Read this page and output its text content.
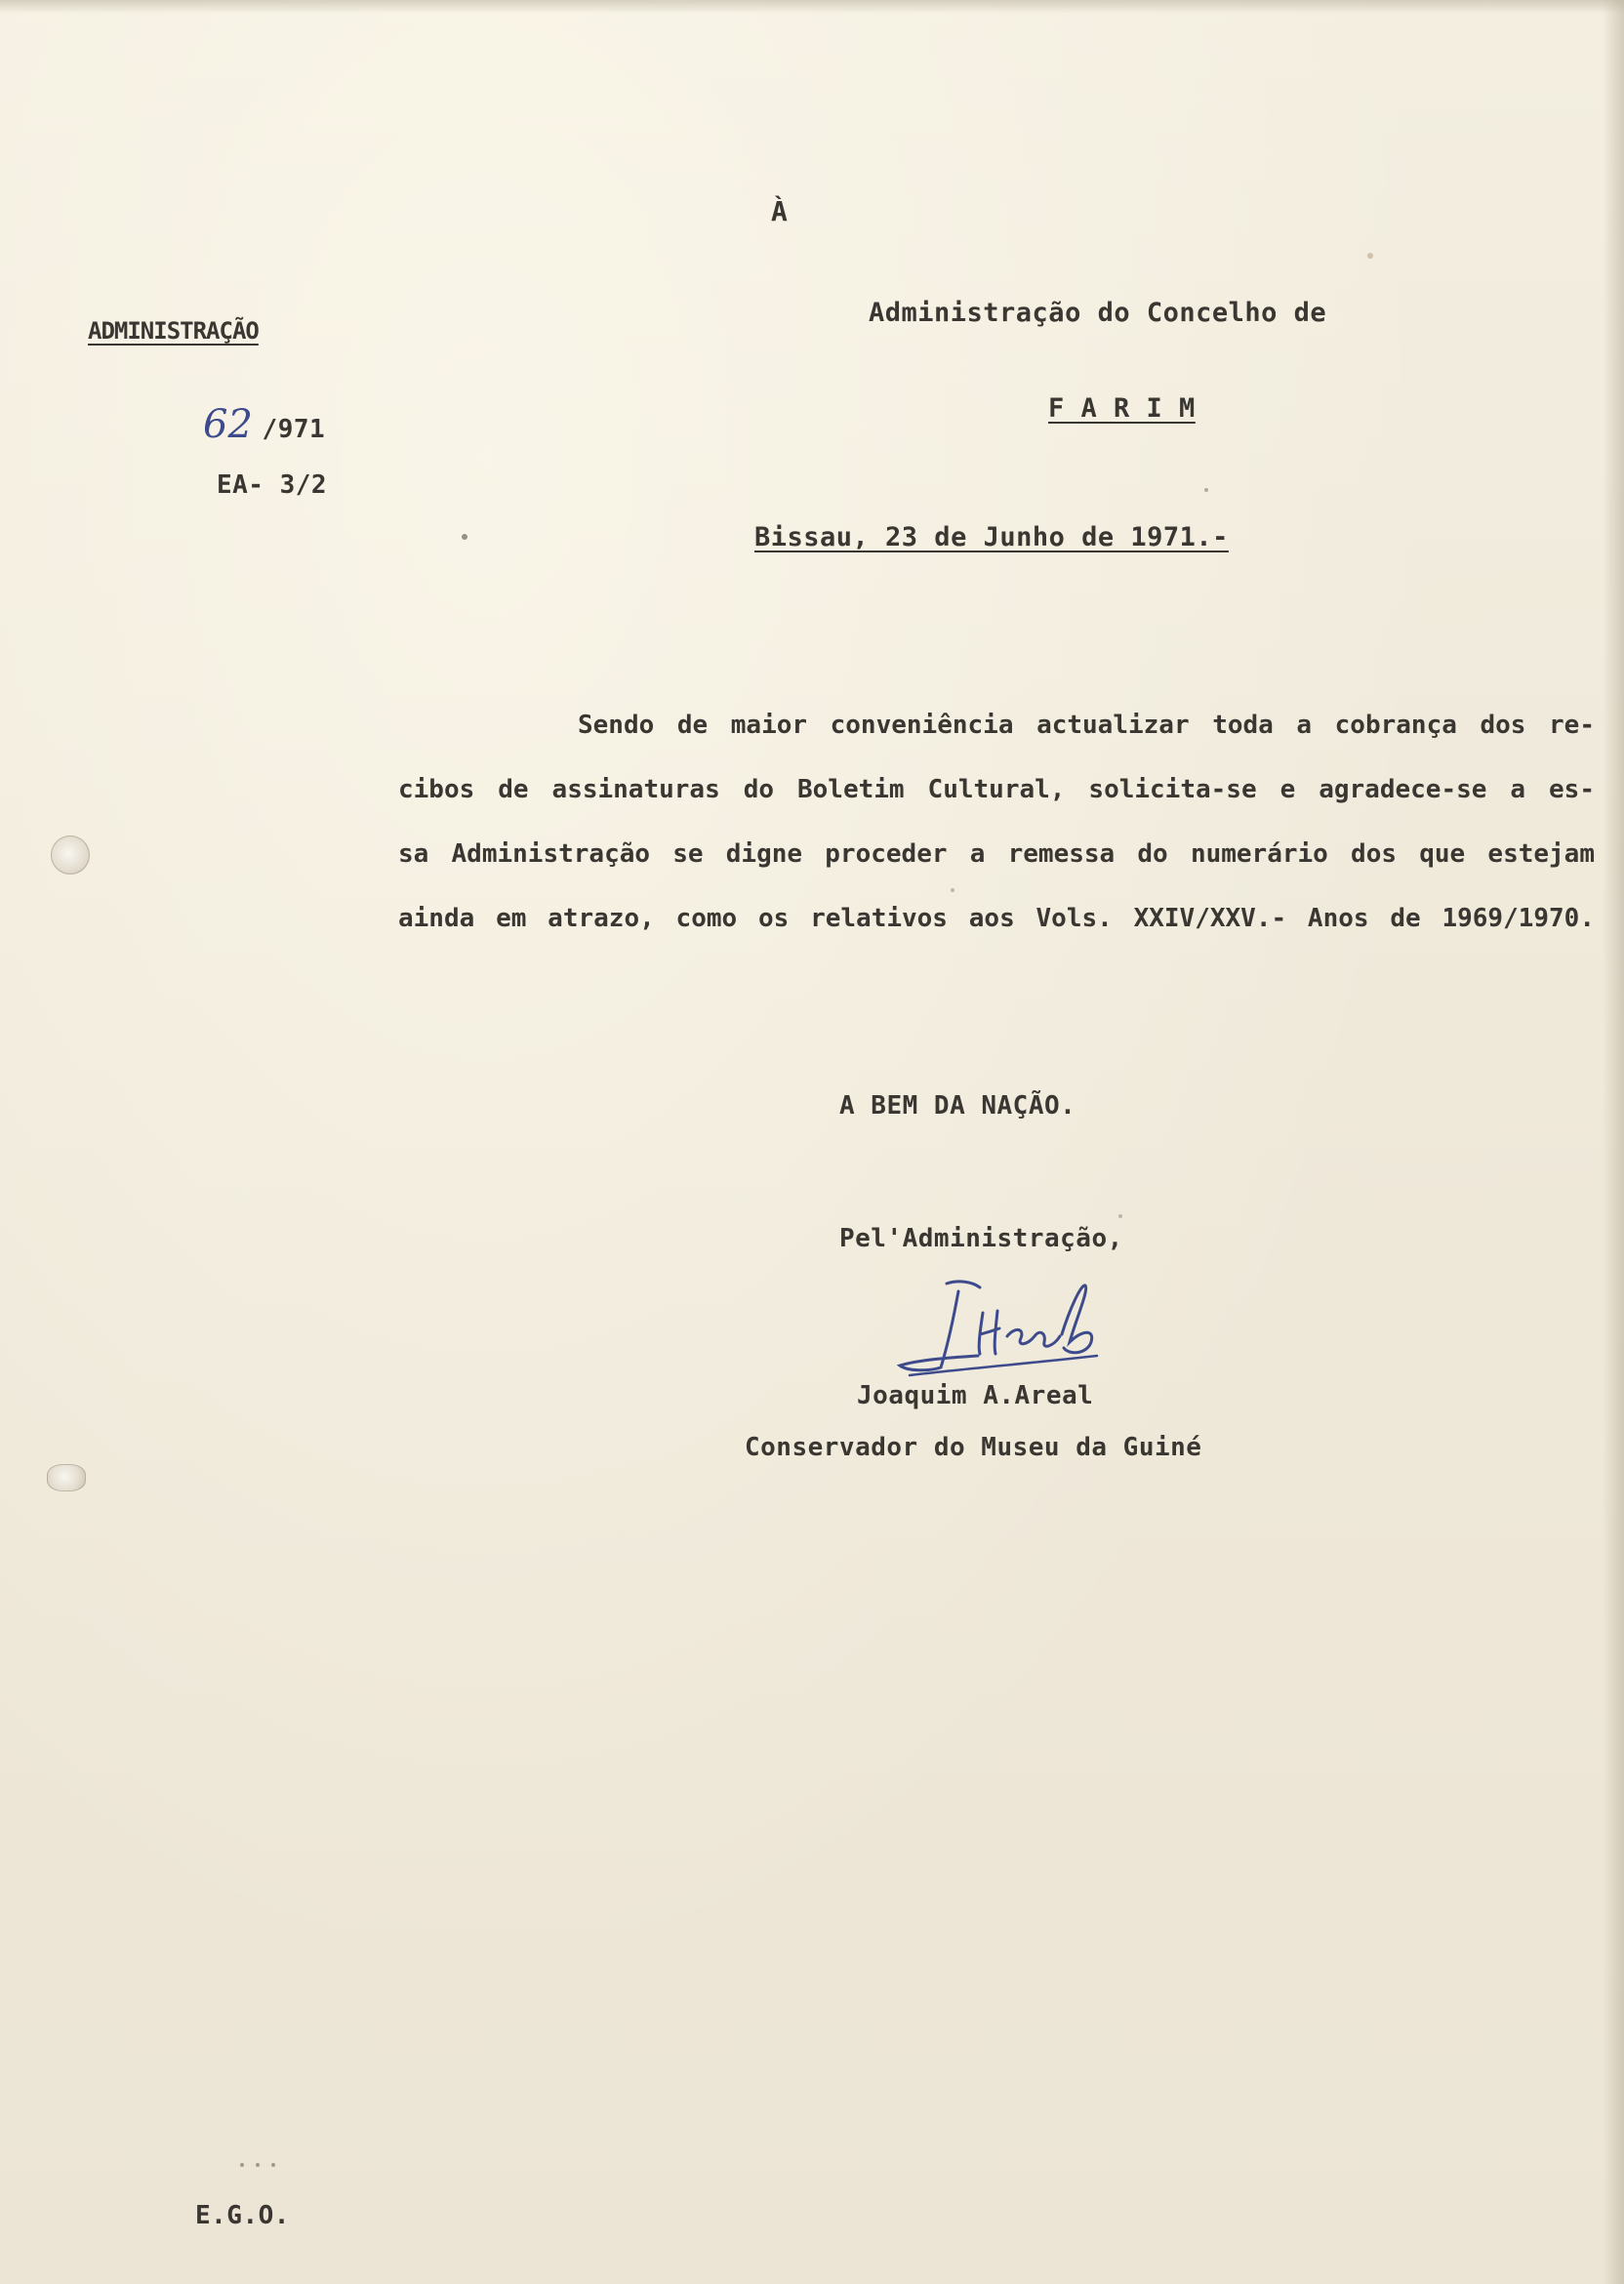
À
ADMINISTRAÇÃO
62 /971
EA- 3/2
Administração do Concelho de
F A R I M
Bissau, 23 de Junho de 1971.-
Sendo de maior conveniência actualizar toda a cobrança dos re-
cibos de assinaturas do Boletim Cultural, solicita-se e agradece-se a es-
sa Administração se digne proceder a remessa do numerário dos que estejam
ainda em atrazo, como os relativos aos Vols. XXIV/XXV.- Anos de 1969/1970.
A BEM DA NAÇÃO.
Pel'Administração,
Joaquim A.Areal
Conservador do Museu da Guiné
E.G.O.
